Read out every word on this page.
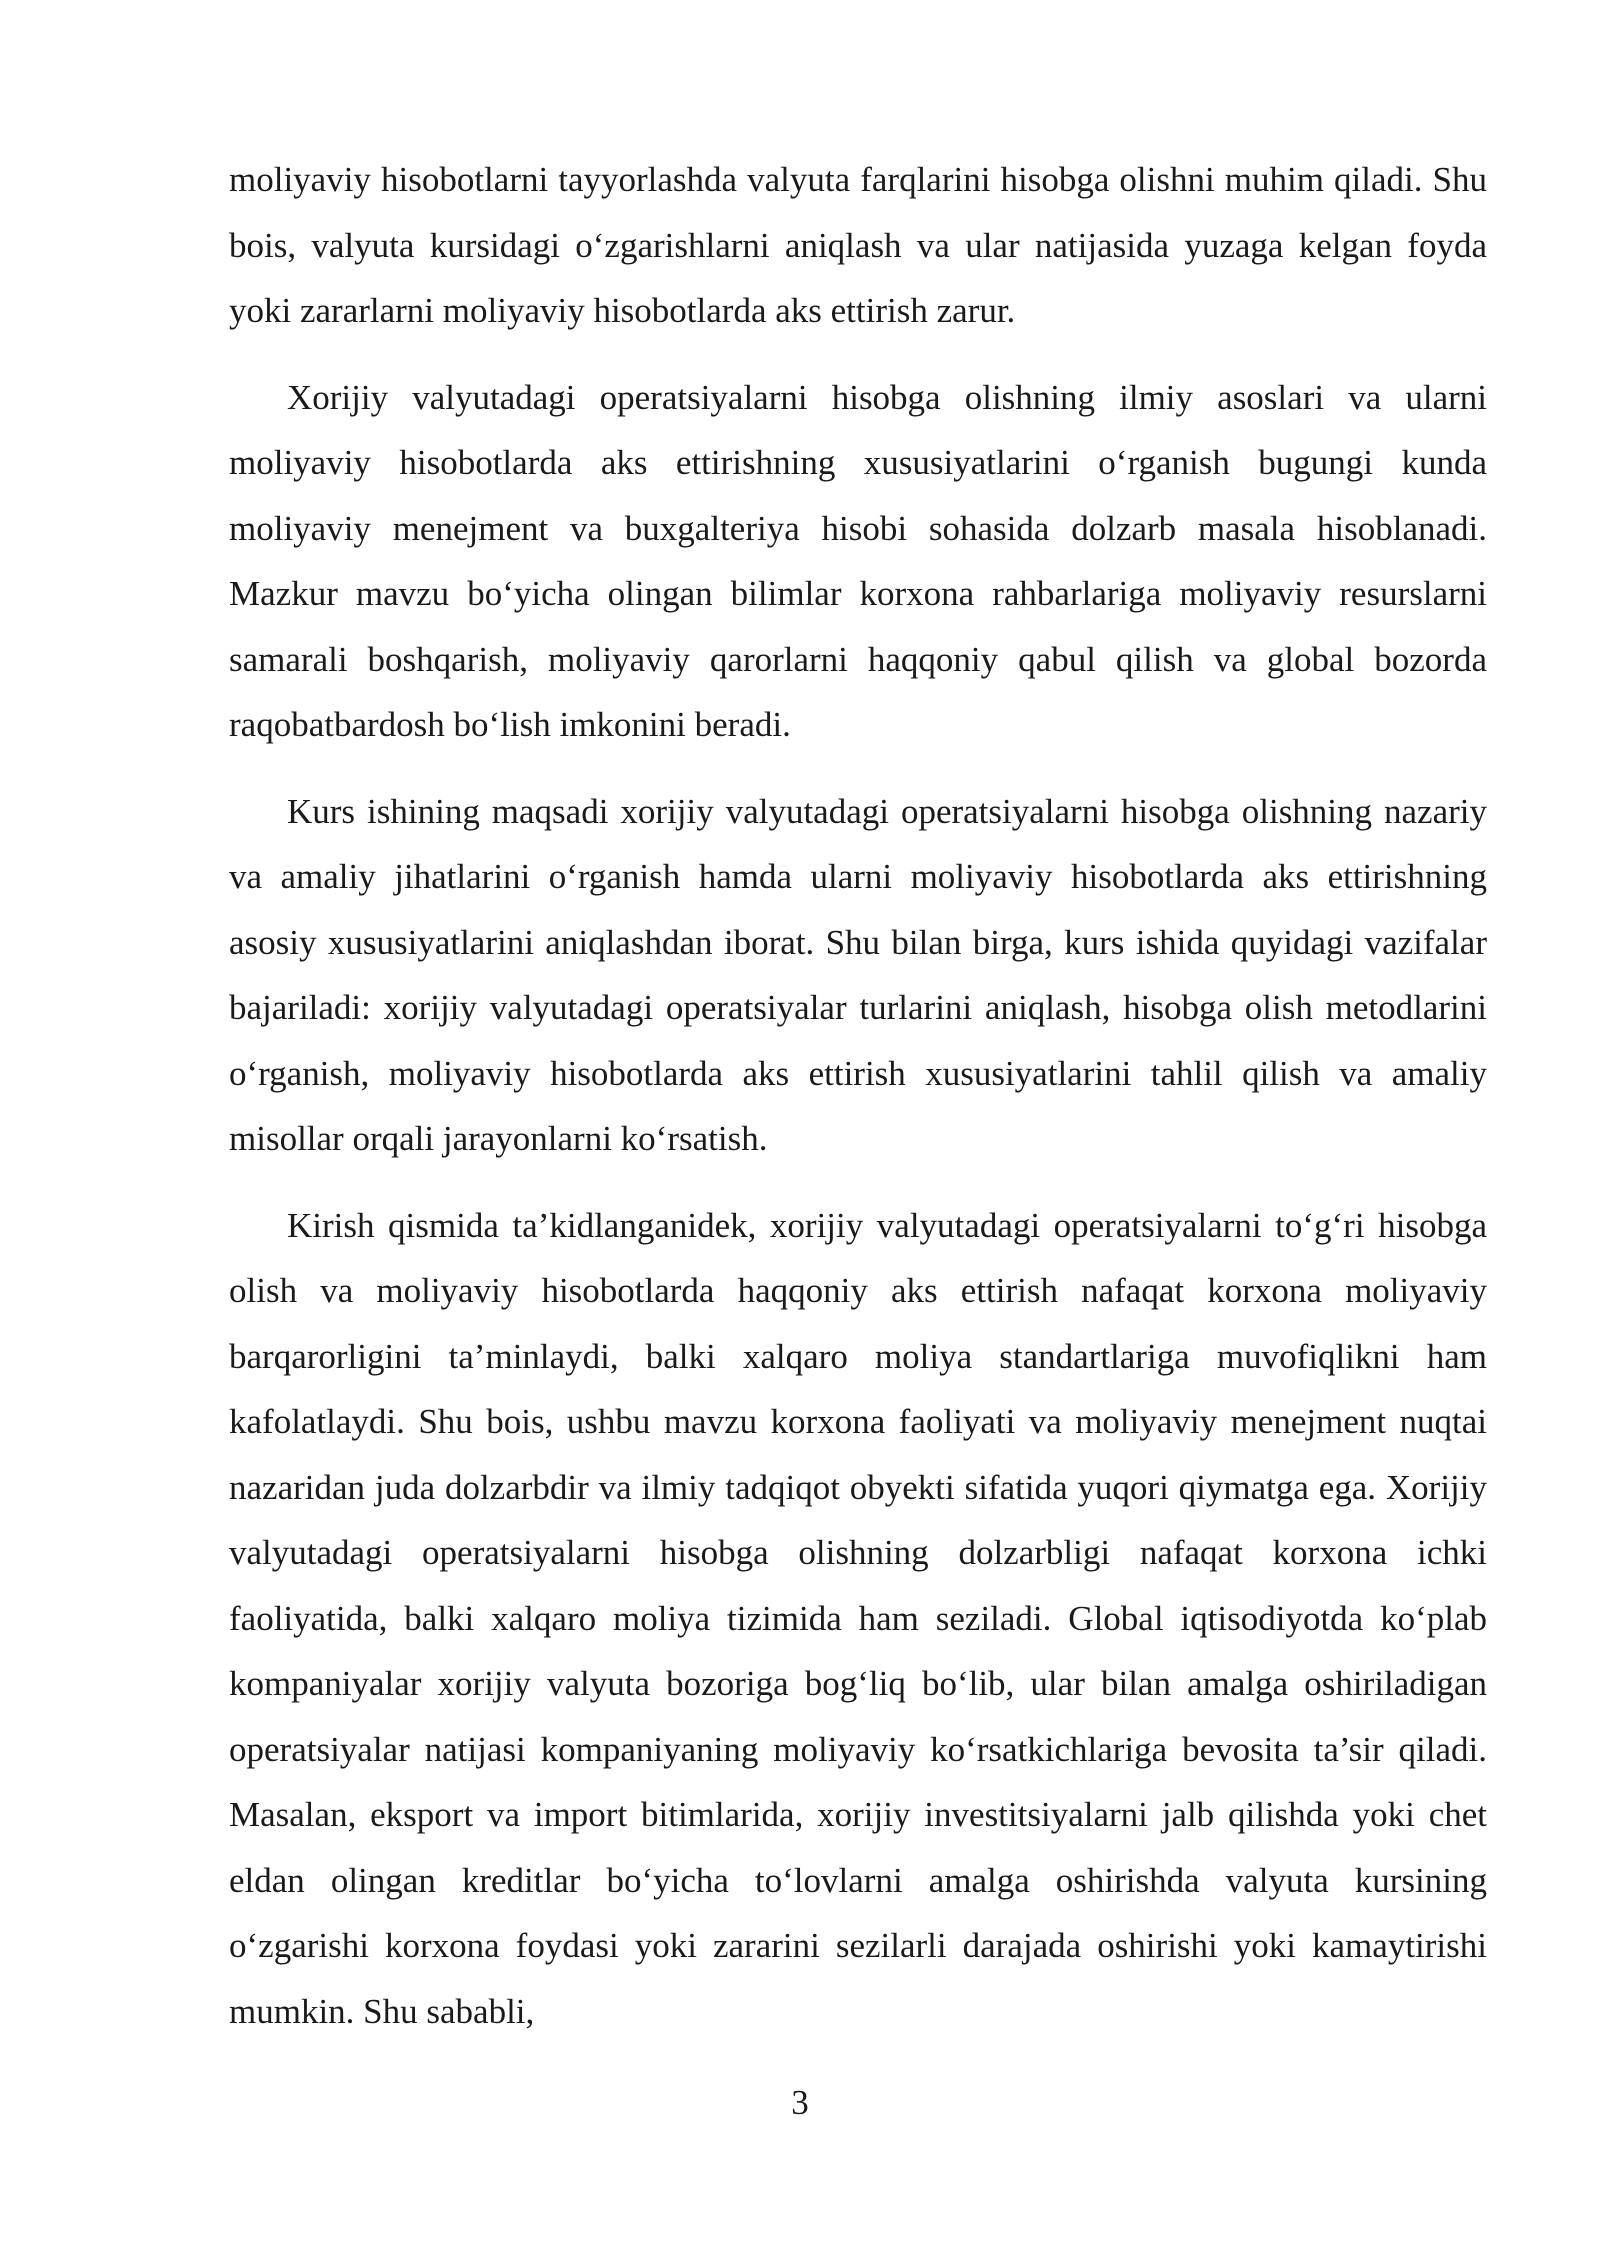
moliyaviy hisobotlarni tayyorlashda valyuta farqlarini hisobga olishni muhim qiladi. Shu bois, valyuta kursidagi o‘zgarishlarni aniqlash va ular natijasida yuzaga kelgan foyda yoki zararlarni moliyaviy hisobotlarda aks ettirish zarur.

Xorijiy valyutadagi operatsiyalarni hisobga olishning ilmiy asoslari va ularni moliyaviy hisobotlarda aks ettirishning xususiyatlarini o‘rganish bugungi kunda moliyaviy menejment va buxgalteriya hisobi sohasida dolzarb masala hisoblanadi. Mazkur mavzu bo‘yicha olingan bilimlar korxona rahbarlariga moliyaviy resurslarni samarali boshqarish, moliyaviy qarorlarni haqqoniy qabul qilish va global bozorda raqobatbardosh bo‘lish imkonini beradi.

Kurs ishining maqsadi xorijiy valyutadagi operatsiyalarni hisobga olishning nazariy va amaliy jihatlarini o‘rganish hamda ularni moliyaviy hisobotlarda aks ettirishning asosiy xususiyatlarini aniqlashdan iborat. Shu bilan birga, kurs ishida quyidagi vazifalar bajariladi: xorijiy valyutadagi operatsiyalar turlarini aniqlash, hisobga olish metodlarini o‘rganish, moliyaviy hisobotlarda aks ettirish xususiyatlarini tahlil qilish va amaliy misollar orqali jarayonlarni ko‘rsatish.

Kirish qismida ta’kidlanganidek, xorijiy valyutadagi operatsiyalarni to‘g‘ri hisobga olish va moliyaviy hisobotlarda haqqoniy aks ettirish nafaqat korxona moliyaviy barqarorligini ta’minlaydi, balki xalqaro moliya standartlariga muvofiqlikni ham kafolatlaydi. Shu bois, ushbu mavzu korxona faoliyati va moliyaviy menejment nuqtai nazaridan juda dolzarbdir va ilmiy tadqiqot obyekti sifatida yuqori qiymatga ega. Xorijiy valyutadagi operatsiyalarni hisobga olishning dolzarbligi nafaqat korxona ichki faoliyatida, balki xalqaro moliya tizimida ham seziladi. Global iqtisodiyotda ko‘plab kompaniyalar xorijiy valyuta bozoriga bog‘liq bo‘lib, ular bilan amalga oshiriladigan operatsiyalar natijasi kompaniyaning moliyaviy ko‘rsatkichlariga bevosita ta’sir qiladi. Masalan, eksport va import bitimlarida, xorijiy investitsiyalarni jalb qilishda yoki chet eldan olingan kreditlar bo‘yicha to‘lovlarni amalga oshirishda valyuta kursining o‘zgarishi korxona foydasi yoki zararini sezilarli darajada oshirishi yoki kamaytirishi mumkin. Shu sababli,

3
